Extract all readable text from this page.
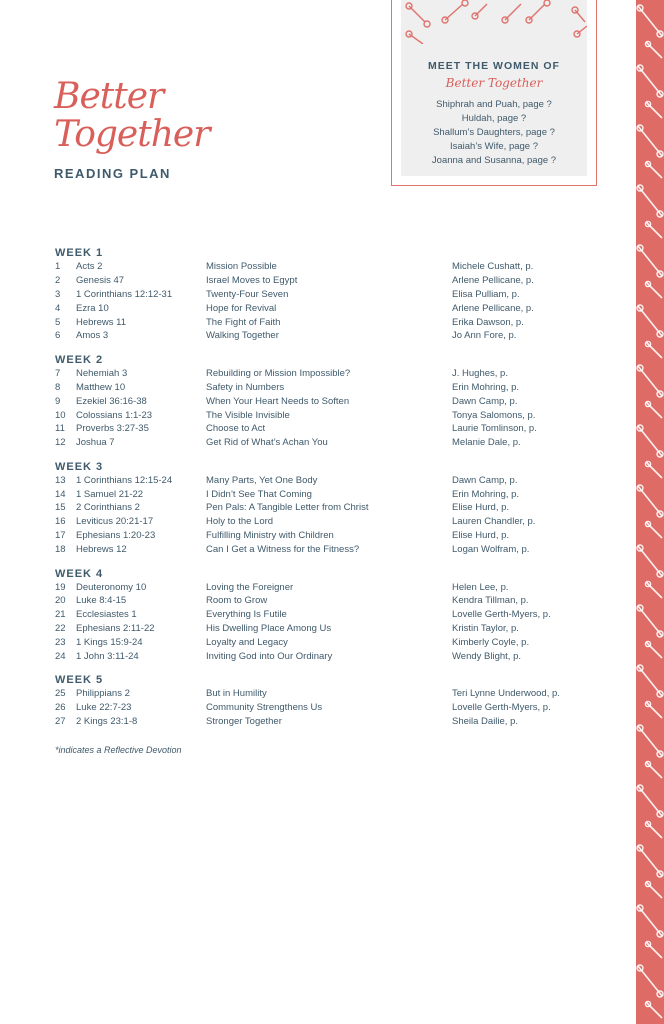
Better
Together
READING PLAN
MEET THE WOMEN OF
Better Together
Shiphrah and Puah, page ?
Huldah, page ?
Shallum’s Daughters, page ?
Isaiah’s Wife, page ?
Joanna and Susanna, page ?
WEEK 1
1 Acts 2	Mission Possible	Michele Cushatt, p.
2 Genesis 47	Israel Moves to Egypt	Arlene Pellicane, p.
3 1 Corinthians 12:12-31	Twenty-Four Seven	Elisa Pulliam, p.
4 Ezra 10	Hope for Revival	Arlene Pellicane, p.
5 Hebrews 11	The Fight of Faith	Erika Dawson, p.
6 Amos 3	Walking Together	Jo Ann Fore, p.
WEEK 2
7 Nehemiah 3	Rebuilding or Mission Impossible?	J. Hughes, p.
8 Matthew 10	Safety in Numbers	Erin Mohring, p.
9 Ezekiel 36:16-38	When Your Heart Needs to Soften	Dawn Camp, p.
10 Colossians 1:1-23	The Visible Invisible	Tonya Salomons, p.
11 Proverbs 3:27-35	Choose to Act	Laurie Tomlinson, p.
12 Joshua 7	Get Rid of What’s Achan You	Melanie Dale, p.
WEEK 3
13 1 Corinthians 12:15-24	Many Parts, Yet One Body	Dawn Camp, p.
14 1 Samuel 21-22	I Didn’t See That Coming	Erin Mohring, p.
15 2 Corinthians 2	Pen Pals: A Tangible Letter from Christ	Elise Hurd, p.
16 Leviticus 20:21-17	Holy to the Lord	Lauren Chandler, p.
17 Ephesians 1:20-23	Fulfilling Ministry with Children	Elise Hurd, p.
18 Hebrews 12	Can I Get a Witness for the Fitness?	Logan Wolfram, p.
WEEK 4
19 Deuteronomy 10	Loving the Foreigner	Helen Lee, p.
20 Luke 8:4-15	Room to Grow	Kendra Tillman, p.
21 Ecclesiastes 1	Everything Is Futile	Lovelle Gerth-Myers, p.
22 Ephesians 2:11-22	His Dwelling Place Among Us	Kristin Taylor, p.
23 1 Kings 15:9-24	Loyalty and Legacy	Kimberly Coyle, p.
24 1 John 3:11-24	Inviting God into Our Ordinary	Wendy Blight, p.
WEEK 5
25 Philippians 2	But in Humility	Teri Lynne Underwood, p.
26 Luke 22:7-23	Community Strengthens Us	Lovelle Gerth-Myers, p.
27 2 Kings 23:1-8	Stronger Together	Sheila Dailie, p.
*indicates a Reflective Devotion
